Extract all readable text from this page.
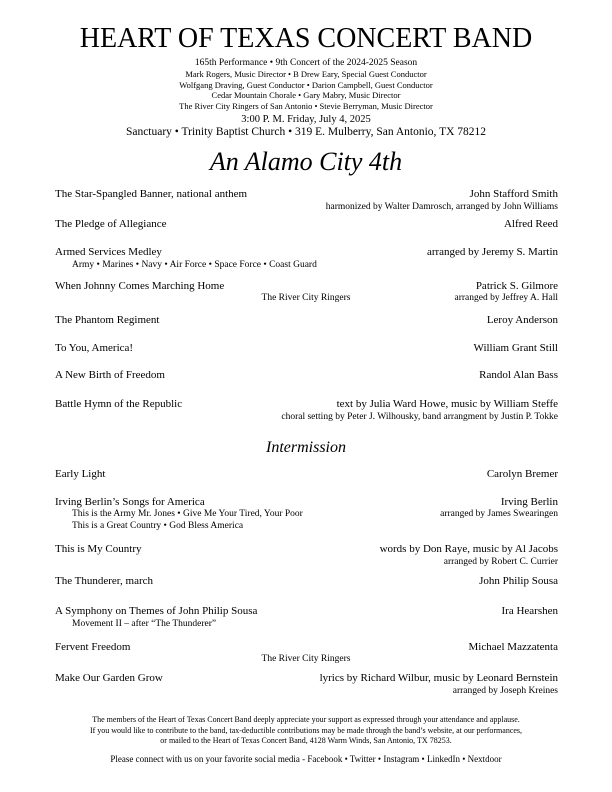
HEART OF TEXAS CONCERT BAND
165th Performance • 9th Concert of the 2024-2025 Season
Mark Rogers, Music Director • B Drew Eary, Special Guest Conductor
Wolfgang Draving, Guest Conductor • Darion Campbell, Guest Conductor
Cedar Mountain Chorale • Gary Mabry, Music Director
The River City Ringers of San Antonio • Stevie Berryman, Music Director
3:00 P. M. Friday, July 4, 2025
Sanctuary • Trinity Baptist Church • 319 E. Mulberry, San Antonio, TX 78212
An Alamo City 4th
The Star-Spangled Banner, national anthem	John Stafford Smith
harmonized by Walter Damrosch, arranged by John Williams
The Pledge of Allegiance	Alfred Reed
Armed Services Medley	arranged by Jeremy S. Martin
Army • Marines • Navy • Air Force • Space Force • Coast Guard
When Johnny Comes Marching Home	Patrick S. Gilmore
The River City Ringers	arranged by Jeffrey A. Hall
The Phantom Regiment	Leroy Anderson
To You, America!	William Grant Still
A New Birth of Freedom	Randol Alan Bass
Battle Hymn of the Republic	text by Julia Ward Howe, music by William Steffe
choral setting by Peter J. Wilhousky, band arrangment by Justin P. Tokke
Intermission
Early Light	Carolyn Bremer
Irving Berlin’s Songs for America	Irving Berlin
This is the Army Mr. Jones • Give Me Your Tired, Your Poor	arranged by James Swearingen
This is a Great Country • God Bless America
This is My Country	words by Don Raye, music by Al Jacobs
arranged by Robert C. Currier
The Thunderer, march	John Philip Sousa
A Symphony on Themes of John Philip Sousa	Ira Hearshen
Movement II – after “The Thunderer”
Fervent Freedom	Michael Mazzatenta
The River City Ringers
Make Our Garden Grow	lyrics by Richard Wilbur, music by Leonard Bernstein
arranged by Joseph Kreines
The members of the Heart of Texas Concert Band deeply appreciate your support as expressed through your attendance and applause.
If you would like to contribute to the band, tax-deductible contributions may be made through the band’s website, at our performances,
or mailed to the Heart of Texas Concert Band, 4128 Warm Winds, San Antonio, TX 78253.
Please connect with us on your favorite social media - Facebook • Twitter • Instagram • LinkedIn • Nextdoor
